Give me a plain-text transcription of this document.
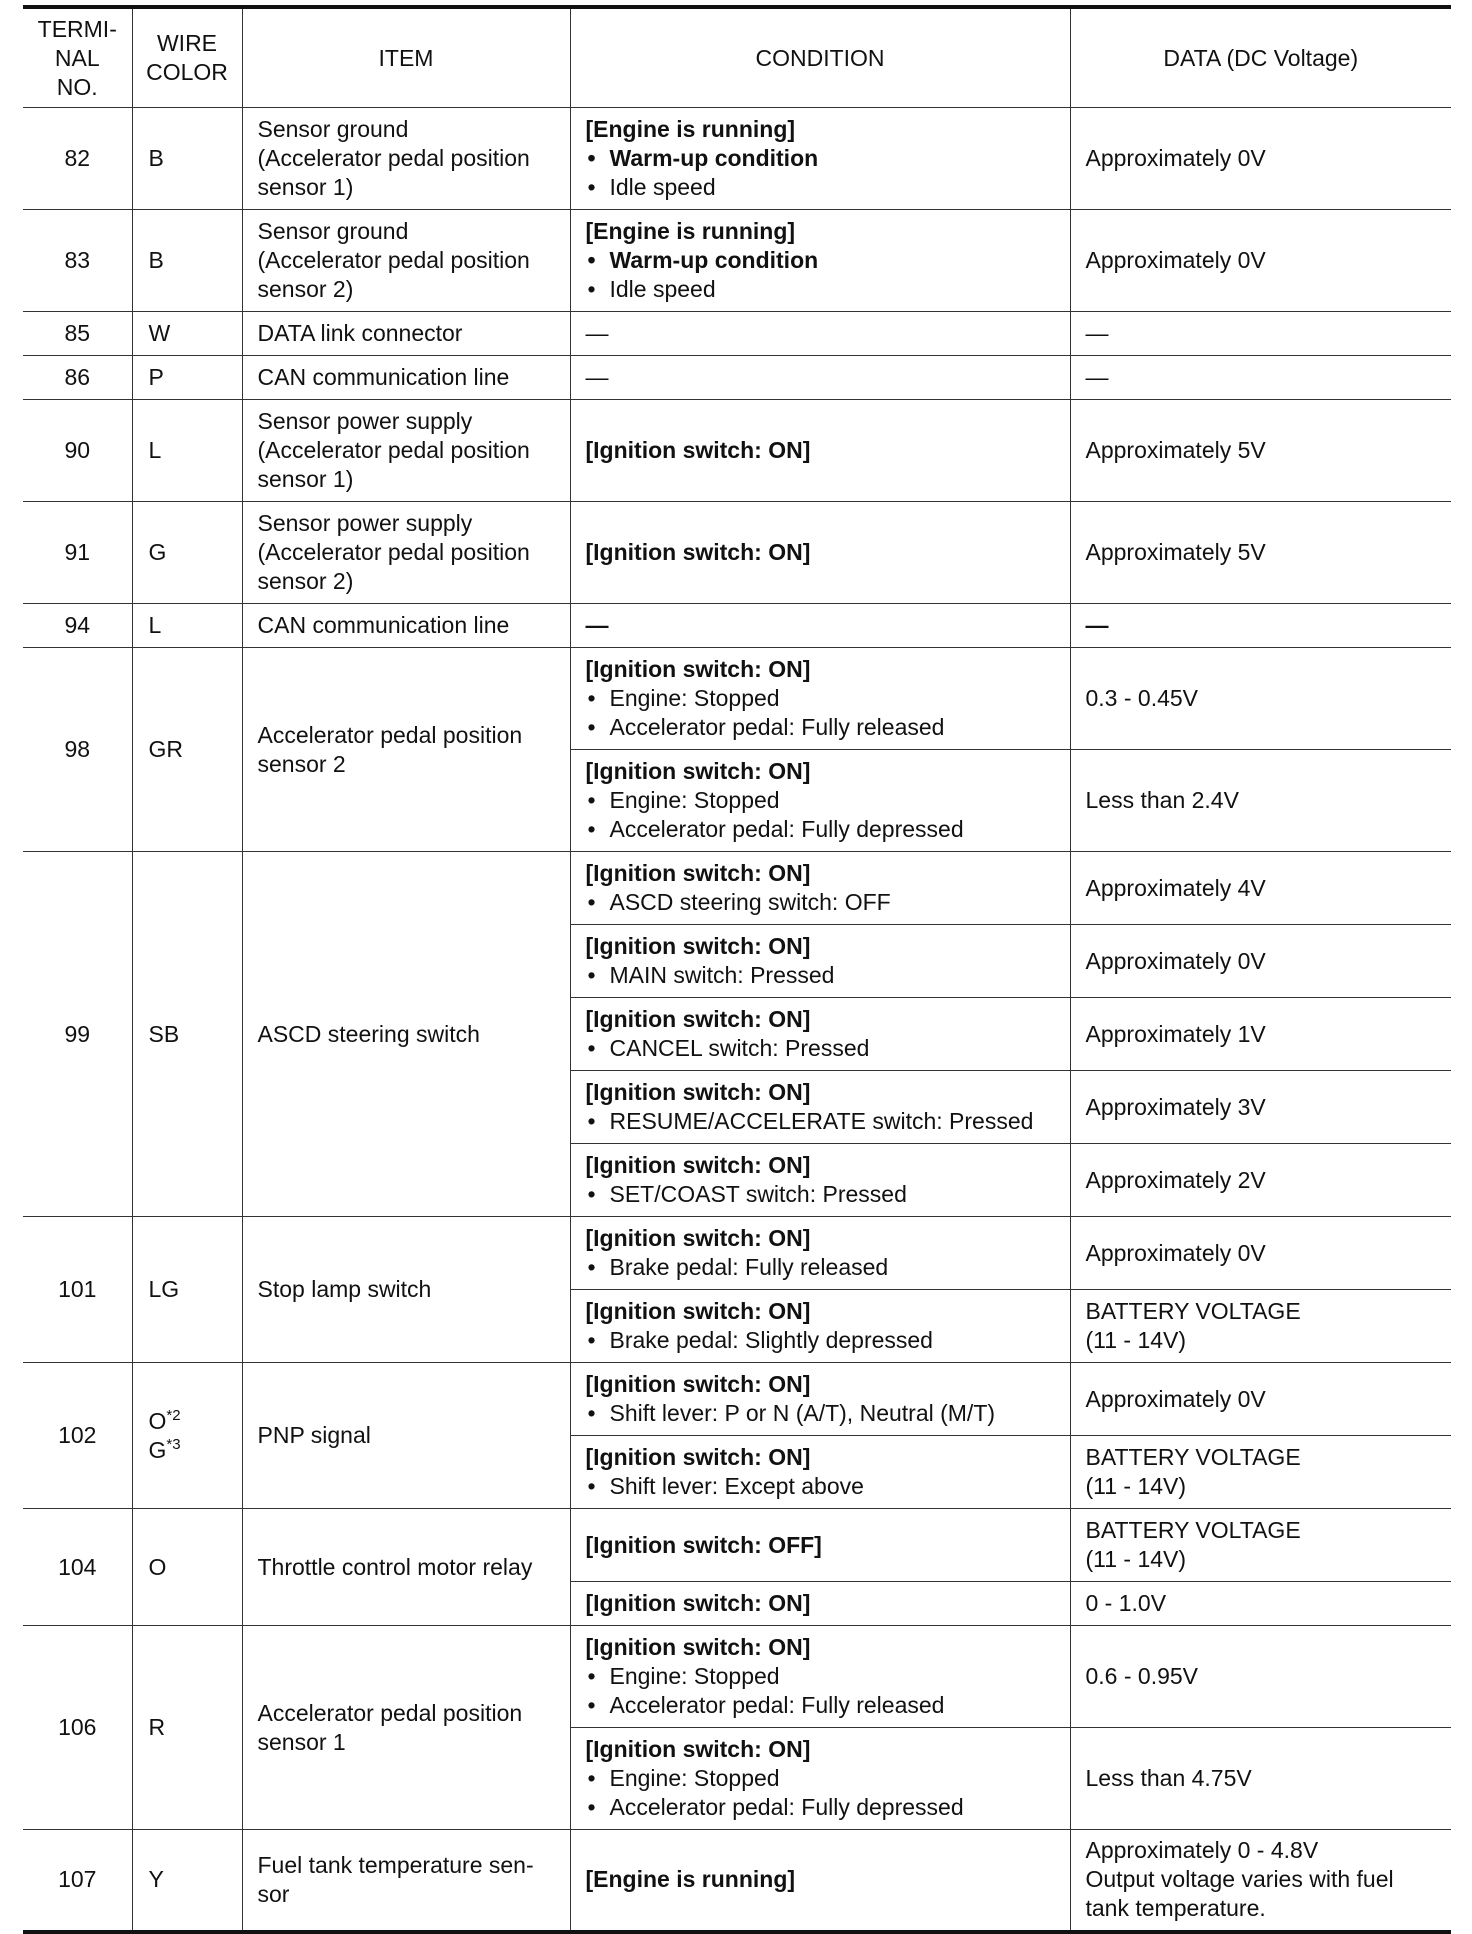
TERMI-
NAL
NO.	WIRE
COLOR	ITEM	CONDITION	DATA (DC Voltage)
82	B	Sensor ground
(Accelerator pedal position
sensor 1)	[Engine is running]
• Warm-up condition
• Idle speed	Approximately 0V
83	B	Sensor ground
(Accelerator pedal position
sensor 2)	[Engine is running]
• Warm-up condition
• Idle speed	Approximately 0V
85	W	DATA link connector	—	—
86	P	CAN communication line	—	—
90	L	Sensor power supply
(Accelerator pedal position
sensor 1)	[Ignition switch: ON]	Approximately 5V
91	G	Sensor power supply
(Accelerator pedal position
sensor 2)	[Ignition switch: ON]	Approximately 5V
94	L	CAN communication line	—	—
98	GR	Accelerator pedal position
sensor 2	[Ignition switch: ON]
• Engine: Stopped
• Accelerator pedal: Fully released	0.3 - 0.45V

			[Ignition switch: ON]
• Engine: Stopped
• Accelerator pedal: Fully depressed	Less than 2.4V
99	SB	ASCD steering switch	[Ignition switch: ON]
• ASCD steering switch: OFF	Approximately 4V

			[Ignition switch: ON]
• MAIN switch: Pressed	Approximately 0V

			[Ignition switch: ON]
• CANCEL switch: Pressed	Approximately 1V

			[Ignition switch: ON]
• RESUME/ACCELERATE switch: Pressed	Approximately 3V

			[Ignition switch: ON]
• SET/COAST switch: Pressed	Approximately 2V
101	LG	Stop lamp switch	[Ignition switch: ON]
• Brake pedal: Fully released	Approximately 0V

			[Ignition switch: ON]
• Brake pedal: Slightly depressed	BATTERY VOLTAGE
(11 - 14V)
102	$O^{*2}$
$G^{*3}$	PNP signal	[Ignition switch: ON]
• Shift lever: P or N (A/T), Neutral (M/T)	Approximately 0V

			[Ignition switch: ON]
• Shift lever: Except above	BATTERY VOLTAGE
(11 - 14V)
104	O	Throttle control motor relay	[Ignition switch: OFF]	BATTERY VOLTAGE
(11 - 14V)

			[Ignition switch: ON]	0 - 1.0V
106	R	Accelerator pedal position
sensor 1	[Ignition switch: ON]
• Engine: Stopped
• Accelerator pedal: Fully released	0.6 - 0.95V

			[Ignition switch: ON]
• Engine: Stopped
• Accelerator pedal: Fully depressed	Less than 4.75V
107	Y	Fuel tank temperature sen-
sor	[Engine is running]	Approximately 0 - 4.8V
Output voltage varies with fuel
tank temperature.
